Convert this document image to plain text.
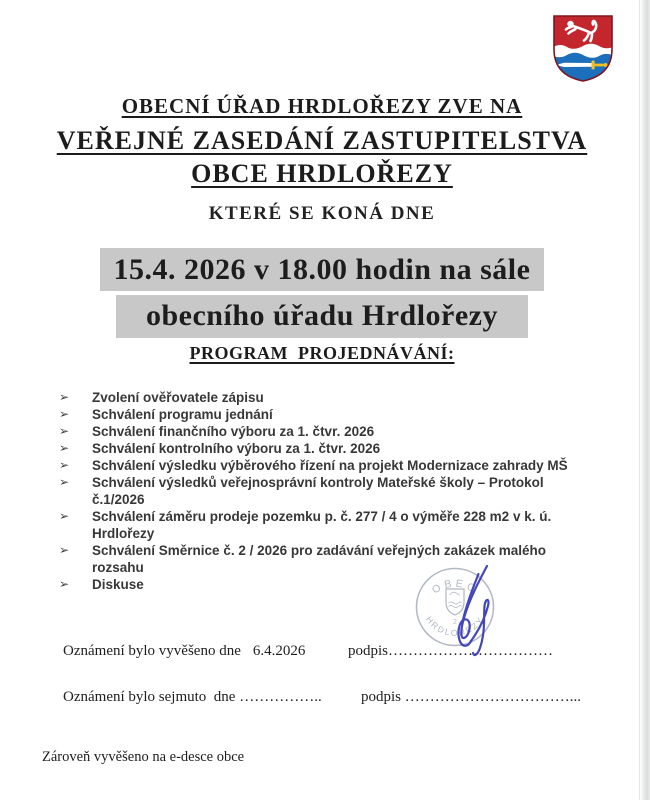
OBECNÍ ÚŘAD HRDLOŘEZY ZVE NA
VEŘEJNÉ ZASEDÁNÍ ZASTUPITELSTVA
OBCE HRDLOŘEZY
KTERÉ SE KONÁ DNE
15.4. 2026 v 18.00 hodin na sále
obecního úřadu Hrdlořezy
PROGRAM  PROJEDNÁVÁNÍ:
➢	Zvolení ověřovatele zápisu
➢	Schválení programu jednání
➢	Schválení finančního výboru za 1. čtvr. 2026
➢	Schválení kontrolního výboru za 1. čtvr. 2026
➢	Schválení výsledku výběrového řízení na projekt Modernizace zahrady MŠ
➢	Schválení výsledků veřejnosprávní kontroly Mateřské školy – Protokol č.1/2026
➢	Schválení záměru prodeje pozemku p. č. 277 / 4 o výměře 228 m2 v k. ú. Hrdlořezy
➢	Schválení Směrnice č. 2 / 2026 pro zadávání veřejných zakázek malého rozsahu
➢	Diskuse
Oznámení bylo vyvěšeno dne 6.4.2026	podpis……………………………
Oznámení bylo sejmuto  dne ……………..	podpis ……………………………...
Zároveň vyvěšeno na e-desce obce
OBEC
HRDLOŘEZY
2
